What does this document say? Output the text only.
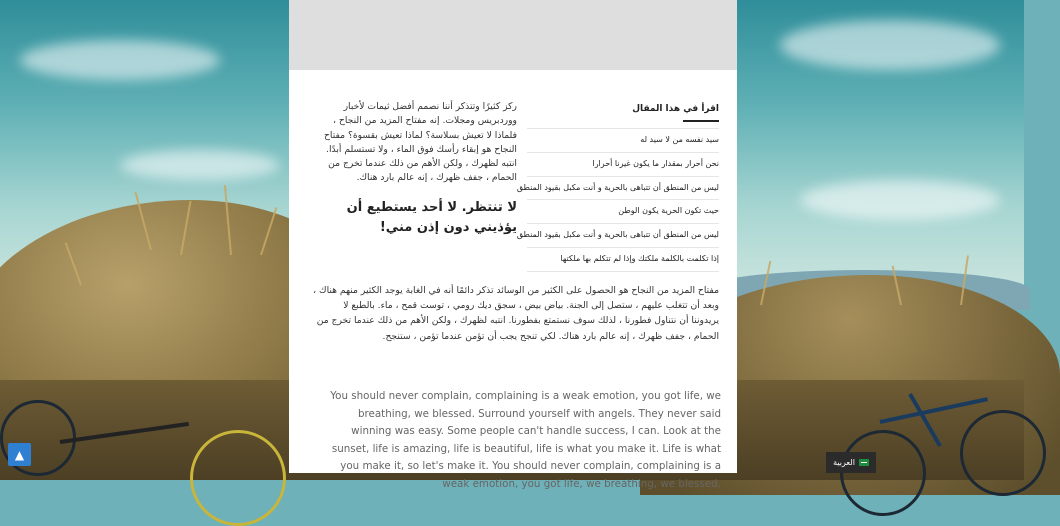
اقرأ في هذا المقال
سيد نفسه من لا سيد له
نحن أحرار بمقدار ما يكون غيرنا أحرارا
ليس من المنطق أن تتباهى بالحرية و أنت مكبل بقيود المنطق
حيث تكون الحرية يكون الوطن
ليس من المنطق أن تتباهى بالحرية و أنت مكبل بقيود المنطق
إذا تكلمت بالكلمة ملكتك وإذا لم تتكلم بها ملكتها

ركز كثيرًا وتتذكر أننا نصمم أفضل ثيمات لأخبار ووردبريس ومجلات. إنه مفتاح المزيد من النجاح ، فلماذا لا تعيش بسلاسة؟ لماذا تعيش بقسوة؟ مفتاح النجاح هو إبقاء رأسك فوق الماء ، ولا تستسلم أبدًا. انتبه لظهرك ، ولكن الأهم من ذلك عندما تخرج من الحمام ، جفف ظهرك ، إنه عالم بارد هناك.

لا تنتظر. لا أحد يستطيع أن يؤذيني دون إذن مني!

مفتاح المزيد من النجاح هو الحصول على الكثير من الوسائد تذكر دائمًا أنه في الغابة يوجد الكثير منهم هناك ، وبعد أن تتغلب عليهم ، ستصل إلى الجنة. بياض بيض ، سجق ديك رومي ، توست قمح ، ماء. بالطبع لا يريدوننا أن نتناول فطورنا ، لذلك سوف نستمتع بفطورنا. انتبه لظهرك ، ولكن الأهم من ذلك عندما تخرج من الحمام ، جفف ظهرك ، إنه عالم بارد هناك. لكي تنجح يجب أن تؤمن عندما تؤمن ، ستنجح.

You should never complain, complaining is a weak emotion, you got life, we breathing, we blessed. Surround yourself with angels. They never said winning was easy. Some people can't handle success, I can. Look at the sunset, life is amazing, life is beautiful, life is what you make it. Life is what you make it, so let's make it. You should never complain, complaining is a weak emotion, you got life, we breathing, we blessed.

▲
العربية
